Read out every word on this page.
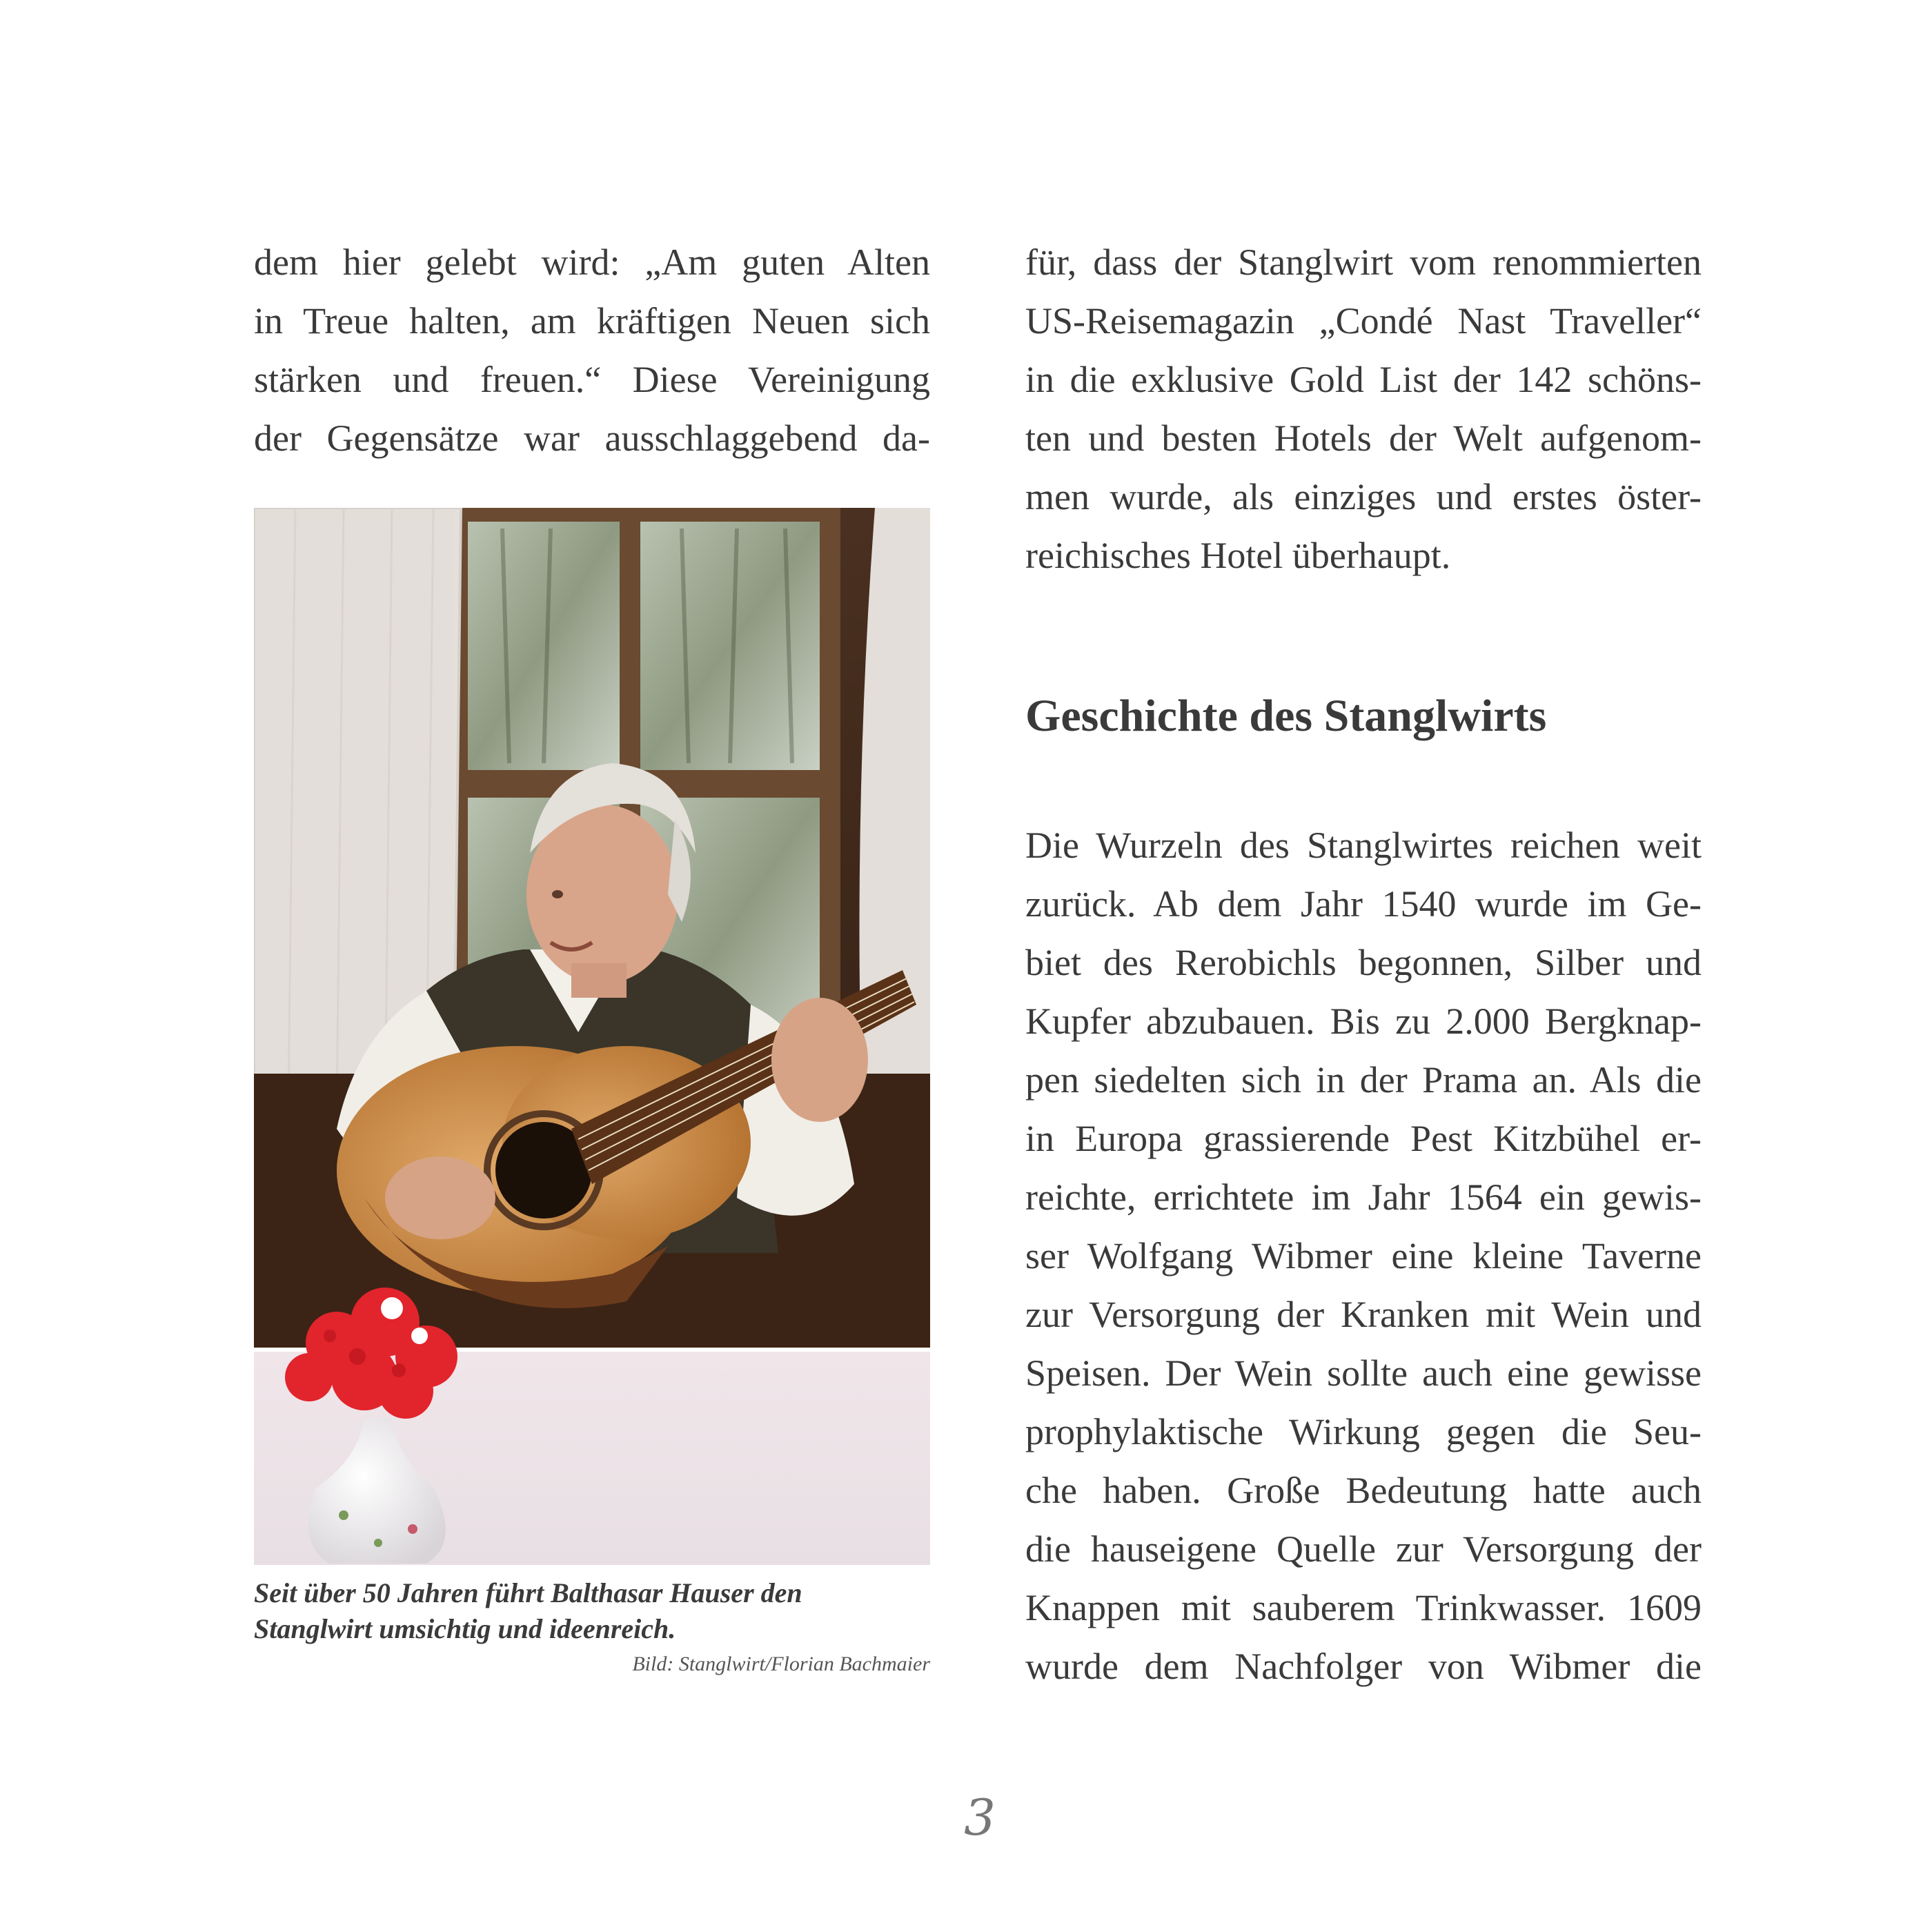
dem hier gelebt wird: „Am guten Alten
in Treue halten, am kräftigen Neuen sich
stärken und freuen.“ Diese Vereinigung
der Gegensätze war ausschlaggebend da-

Seit über 50 Jahren führt Balthasar Hauser den
Stanglwirt umsichtig und ideenreich.
Bild: Stanglwirt/Florian Bachmaier

für, dass der Stanglwirt vom renommierten
US-Reisemagazin „Condé Nast Traveller“
in die exklusive Gold List der 142 schöns-
ten und besten Hotels der Welt aufgenom-
men wurde, als einziges und erstes öster-
reichisches Hotel überhaupt.

Geschichte des Stanglwirts

Die Wurzeln des Stanglwirtes reichen weit
zurück. Ab dem Jahr 1540 wurde im Ge-
biet des Rerobichls begonnen, Silber und
Kupfer abzubauen. Bis zu 2.000 Bergknap-
pen siedelten sich in der Prama an. Als die
in Europa grassierende Pest Kitzbühel er-
reichte, errichtete im Jahr 1564 ein gewis-
ser Wolfgang Wibmer eine kleine Taverne
zur Versorgung der Kranken mit Wein und
Speisen. Der Wein sollte auch eine gewisse
prophylaktische Wirkung gegen die Seu-
che haben. Große Bedeutung hatte auch
die hauseigene Quelle zur Versorgung der
Knappen mit sauberem Trinkwasser. 1609
wurde dem Nachfolger von Wibmer die

3
